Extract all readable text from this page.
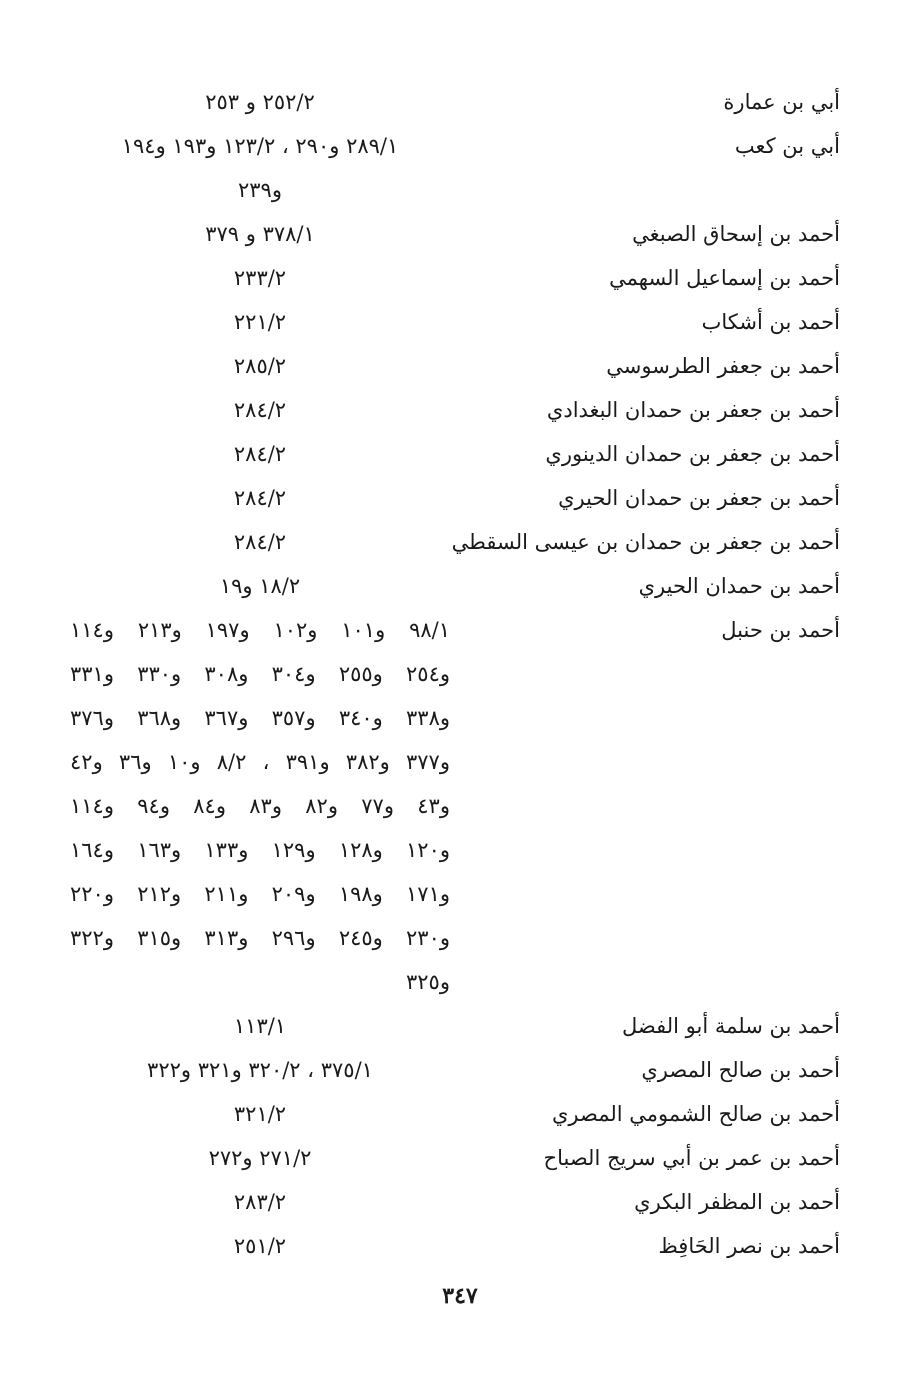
أبي بن عمارة
٢٥٢/٢ و ٢٥٣
أبي بن كعب
٢٨٩/١ و٢٩٠ ، ١٢٣/٢ و١٩٣ و١٩٤
و٢٣٩
أحمد بن إسحاق الصبغي
٣٧٨/١ و ٣٧٩
أحمد بن إسماعيل السهمي
٢٣٣/٢
أحمد بن أشكاب
٢٢١/٢
أحمد بن جعفر الطرسوسي
٢٨٥/٢
أحمد بن جعفر بن حمدان البغدادي
٢٨٤/٢
أحمد بن جعفر بن حمدان الدينوري
٢٨٤/٢
أحمد بن جعفر بن حمدان الحيري
٢٨٤/٢
أحمد بن جعفر بن حمدان بن عيسى السقطي
٢٨٤/٢
أحمد بن حمدان الحيري
١٨/٢ و١٩
أحمد بن حنبل
٩٨/١ و١٠١ و١٠٢ و١٩٧ و٢١٣ و١١٤
و٢٥٤ و٢٥٥ و٣٠٤ و٣٠٨ و٣٣٠ و٣٣١
و٣٣٨ و٣٤٠ و٣٥٧ و٣٦٧ و٣٦٨ و٣٧٦
و٣٧٧ و٣٨٢ و٣٩١ ، ٨/٢ و١٠ و٣٦ و٤٢
و٤٣ و٧٧ و٨٢ و٨٣ و٨٤ و٩٤ و١١٤
و١٢٠ و١٢٨ و١٢٩ و١٣٣ و١٦٣ و١٦٤
و١٧١ و١٩٨ و٢٠٩ و٢١١ و٢١٢ و٢٢٠
و٢٣٠ و٢٤٥ و٢٩٦ و٣١٣ و٣١٥ و٣٢٢
و٣٢٥
أحمد بن سلمة أبو الفضل
١١٣/١
أحمد بن صالح المصري
٣٧٥/١ ، ٣٢٠/٢ و٣٢١ و٣٢٢
أحمد بن صالح الشمومي المصري
٣٢١/٢
أحمد بن عمر بن أبي سريج الصباح
٢٧١/٢ و٢٧٢
أحمد بن المظفر البكري
٢٨٣/٢
أحمد بن نصر الحَافِظ
٢٥١/٢
٣٤٧
